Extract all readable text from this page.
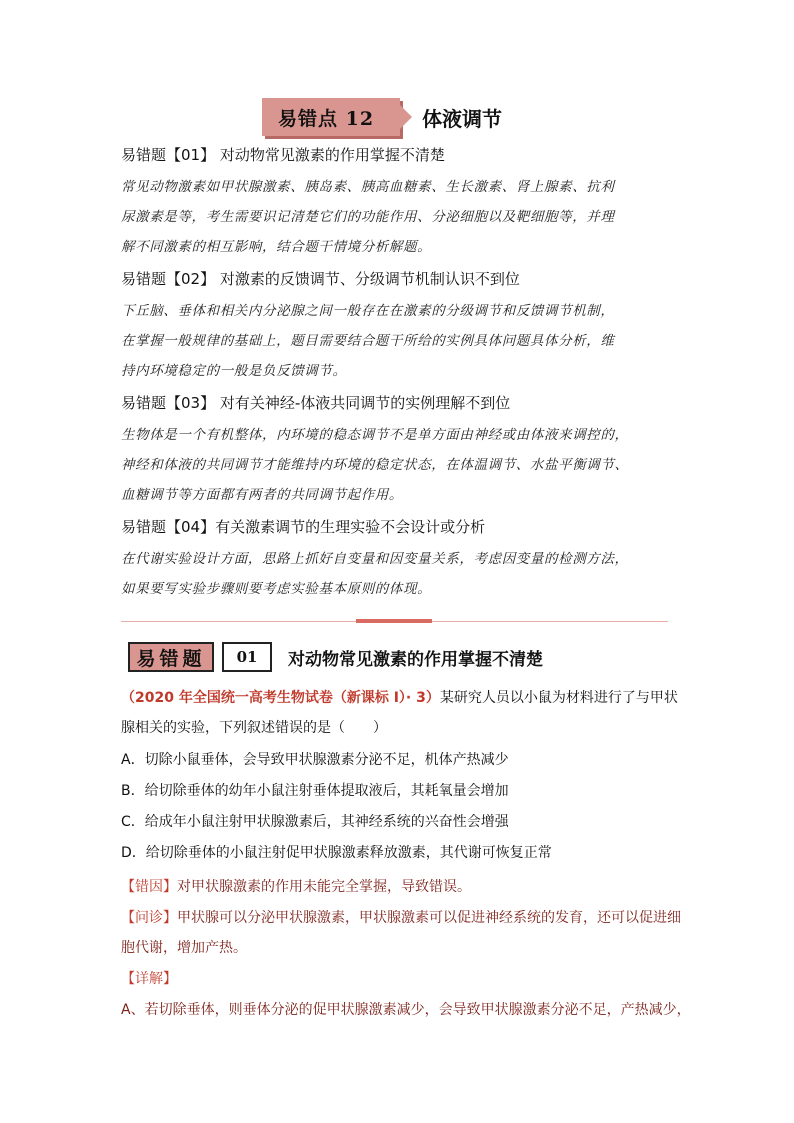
易错点 12	体液调节
易错题【01】 对动物常见激素的作用掌握不清楚
常见动物激素如甲状腺激素、胰岛素、胰高血糖素、生长激素、肾上腺素、抗利
尿激素是等，考生需要识记清楚它们的功能作用、分泌细胞以及靶细胞等，并理
解不同激素的相互影响，结合题干情境分析解题。
易错题【02】 对激素的反馈调节、分级调节机制认识不到位
下丘脑、垂体和相关内分泌腺之间一般存在在激素的分级调节和反馈调节机制，
在掌握一般规律的基础上，题目需要结合题干所给的实例具体问题具体分析，维
持内环境稳定的一般是负反馈调节。
易错题【03】 对有关神经-体液共同调节的实例理解不到位
生物体是一个有机整体，内环境的稳态调节不是单方面由神经或由体液来调控的，
神经和体液的共同调节才能维持内环境的稳定状态，在体温调节、水盐平衡调节、
血糖调节等方面都有两者的共同调节起作用。
易错题【04】有关激素调节的生理实验不会设计或分析
在代谢实验设计方面，思路上抓好自变量和因变量关系，考虑因变量的检测方法，
如果要写实验步骤则要考虑实验基本原则的体现。
易错题	01	对动物常见激素的作用掌握不清楚
（2020 年全国统一高考生物试卷（新课标 I）· 3）某研究人员以小鼠为材料进行了与甲状
腺相关的实验，下列叙述错误的是（　　）
A．切除小鼠垂体，会导致甲状腺激素分泌不足，机体产热减少
B．给切除垂体的幼年小鼠注射垂体提取液后，其耗氧量会增加
C．给成年小鼠注射甲状腺激素后，其神经系统的兴奋性会增强
D．给切除垂体的小鼠注射促甲状腺激素释放激素，其代谢可恢复正常
【错因】对甲状腺激素的作用未能完全掌握，导致错误。
【问诊】甲状腺可以分泌甲状腺激素，甲状腺激素可以促进神经系统的发育，还可以促进细
胞代谢，增加产热。
【详解】
A、若切除垂体，则垂体分泌的促甲状腺激素减少，会导致甲状腺激素分泌不足，产热减少，
